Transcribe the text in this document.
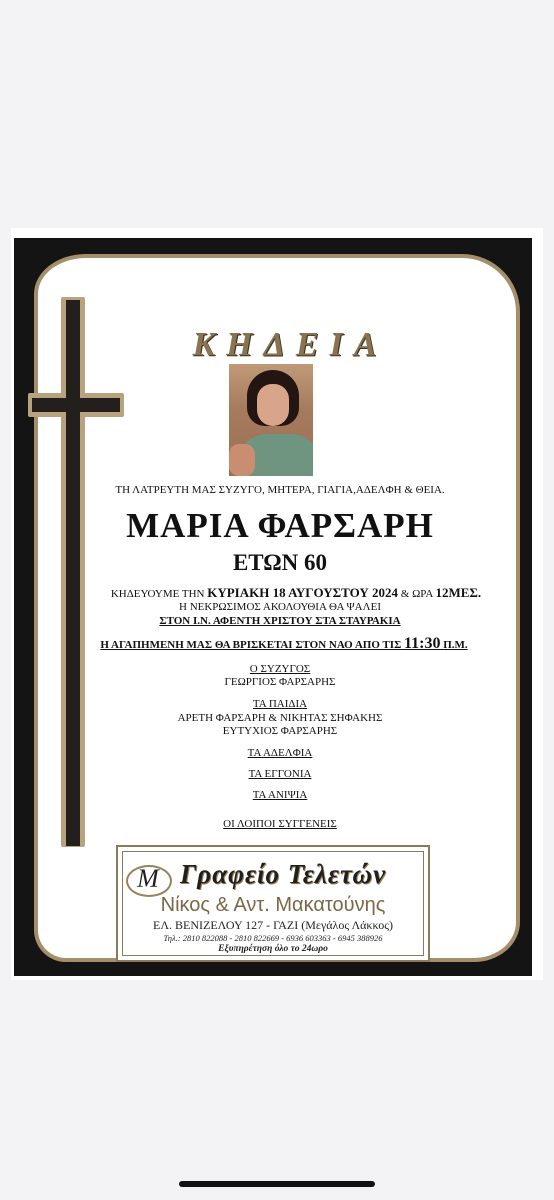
ΚΗΔΕΙΑ
ΤΗ ΛΑΤΡΕΥΤΗ ΜΑΣ ΣΥΖΥΓΟ, ΜΗΤΕΡΑ, ΓΙΑΓΙΑ,ΑΔΕΛΦΗ & ΘΕΙΑ.
ΜΑΡΙΑ ΦΑΡΣΑΡΗ
ΕΤΩΝ 60
ΚΗΔΕΥΟΥΜΕ ΤΗΝ ΚΥΡΙΑΚΗ 18 ΑΥΓΟΥΣΤΟΥ 2024 & ΩΡΑ 12ΜΕΣ.
Η ΝΕΚΡΩΣΙΜΟΣ ΑΚΟΛΟΥΘΙΑ ΘΑ ΨΑΛΕΙ
ΣΤΟΝ Ι.Ν. ΑΦΕΝΤΗ ΧΡΙΣΤΟΥ ΣΤΑ ΣΤΑΥΡΑΚΙΑ
Η ΑΓΑΠΗΜΕΝΗ ΜΑΣ ΘΑ ΒΡΙΣΚΕΤΑΙ ΣΤΟΝ ΝΑΟ ΑΠΟ ΤΙΣ 11:30 Π.Μ.
Ο ΣΥΖΥΓΟΣ
ΓΕΩΡΓΙΟΣ ΦΑΡΣΑΡΗΣ
ΤΑ ΠΑΙΔΙΑ
ΑΡΕΤΗ ΦΑΡΣΑΡΗ & ΝΙΚΗΤΑΣ ΣΗΦΑΚΗΣ
ΕΥΤΥΧΙΟΣ ΦΑΡΣΑΡΗΣ
ΤΑ ΑΔΕΛΦΙΑ
ΤΑ ΕΓΓΟΝΙΑ
ΤΑ ΑΝΙΨΙΑ
ΟΙ ΛΟΙΠΟΙ ΣΥΓΓΕΝΕΙΣ
Μ Γραφείο Τελετών
Νίκος & Αντ. Μακατούνης
ΕΛ. ΒΕΝΙΖΕΛΟΥ 127 - ΓΑΖΙ (Μεγάλος Λάκκος)
Τηλ.: 2810 822088 - 2810 822669 - 6936 603363 - 6945 388926
Εξυπηρέτηση όλο το 24ωρο
